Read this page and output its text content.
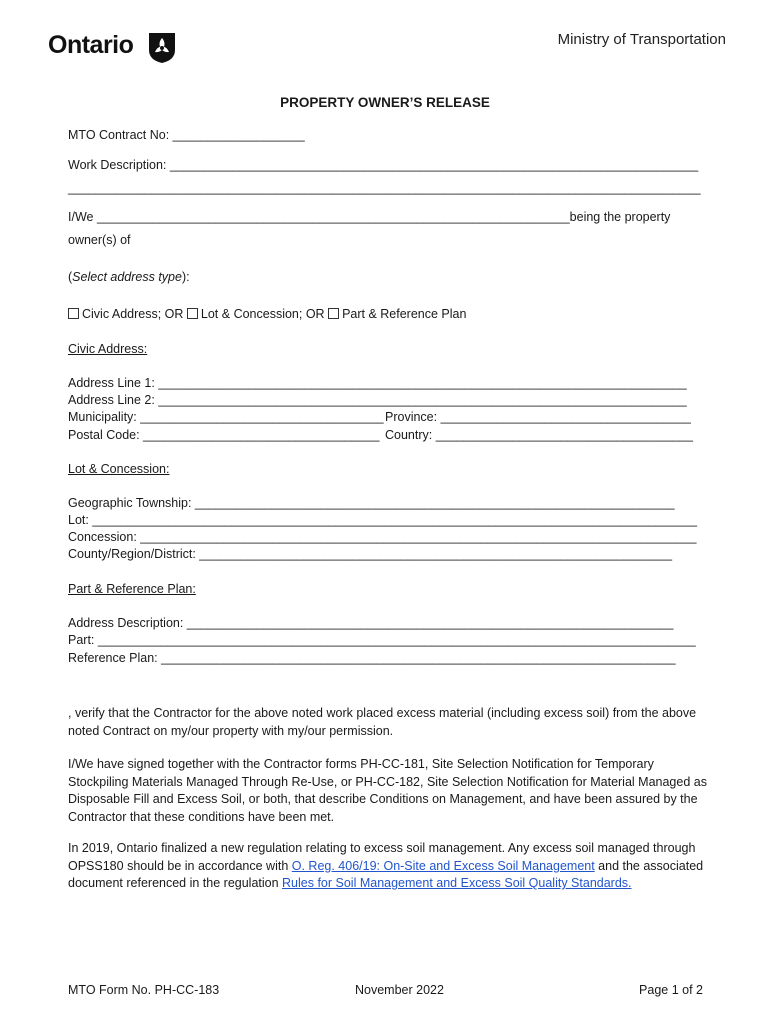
Ontario	Ministry of Transportation
PROPERTY OWNER’S RELEASE
MTO Contract No: ___________________
Work Description: ____________________________________________________________________________
___________________________________________________________________________________________
I/We ____________________________________________________________________being the property
owner(s) of
(Select address type):
Civic Address; OR Lot & Concession; OR Part & Reference Plan
Civic Address:
Address Line 1: ____________________________________________________________________________
Address Line 2: ____________________________________________________________________________
Municipality: ___________________________________ Province: ____________________________________
Postal Code: __________________________________ Country: _____________________________________
Lot & Concession:
Geographic Township: _____________________________________________________________________
Lot: _______________________________________________________________________________________
Concession: ________________________________________________________________________________
County/Region/District: ____________________________________________________________________
Part & Reference Plan:
Address Description: ______________________________________________________________________
Part: ______________________________________________________________________________________
Reference Plan: __________________________________________________________________________
, verify that the Contractor for the above noted work placed excess material (including excess soil) from the above noted Contract on my/our property with my/our permission.
I/We have signed together with the Contractor forms PH-CC-181, Site Selection Notification for Temporary Stockpiling Materials Managed Through Re-Use, or PH-CC-182, Site Selection Notification for Material Managed as Disposable Fill and Excess Soil, or both, that describe Conditions on Management, and have been assured by the Contractor that these conditions have been met.
In 2019, Ontario finalized a new regulation relating to excess soil management. Any excess soil managed through OPSS180 should be in accordance with O. Reg. 406/19: On-Site and Excess Soil Management and the associated document referenced in the regulation Rules for Soil Management and Excess Soil Quality Standards.
MTO Form No. PH-CC-183	November 2022	Page 1 of 2
